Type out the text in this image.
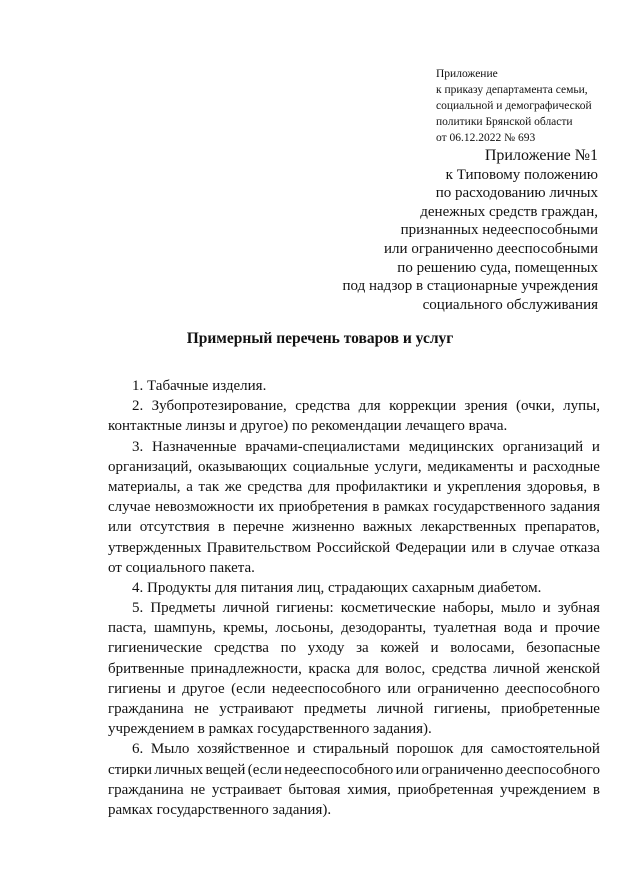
Приложение
к приказу департамента семьи,
социальной и демографической
политики Брянской области
от 06.12.2022 № 693
Приложение №1
к Типовому положению
по расходованию личных
денежных средств граждан,
признанных недееспособными
или ограниченно дееспособными
по решению суда, помещенных
под надзор в стационарные учреждения
социального обслуживания
Примерный перечень товаров и услуг
1. Табачные изделия.
2. Зубопротезирование, средства для коррекции зрения (очки, лупы,
контактные линзы и другое) по рекомендации лечащего врача.
3. Назначенные врачами-специалистами медицинских организаций и
организаций, оказывающих социальные услуги, медикаменты и расходные
материалы, а так же средства для профилактики и укрепления здоровья, в
случае невозможности их приобретения в рамках государственного задания
или отсутствия в перечне жизненно важных лекарственных препаратов,
утвержденных Правительством Российской Федерации или в случае отказа
от социального пакета.
4. Продукты для питания лиц, страдающих сахарным диабетом.
5. Предметы личной гигиены: косметические наборы, мыло и зубная
паста, шампунь, кремы, лосьоны, дезодоранты, туалетная вода и прочие
гигиенические средства по уходу за кожей и волосами, безопасные
бритвенные принадлежности, краска для волос, средства личной женской
гигиены и другое (если недееспособного или ограниченно дееспособного
гражданина не устраивают предметы личной гигиены, приобретенные
учреждением в рамках государственного задания).
6. Мыло хозяйственное и стиральный порошок для самостоятельной
стирки личных вещей (если недееспособного или ограниченно дееспособного
гражданина не устраивает бытовая химия, приобретенная учреждением в
рамках государственного задания).
